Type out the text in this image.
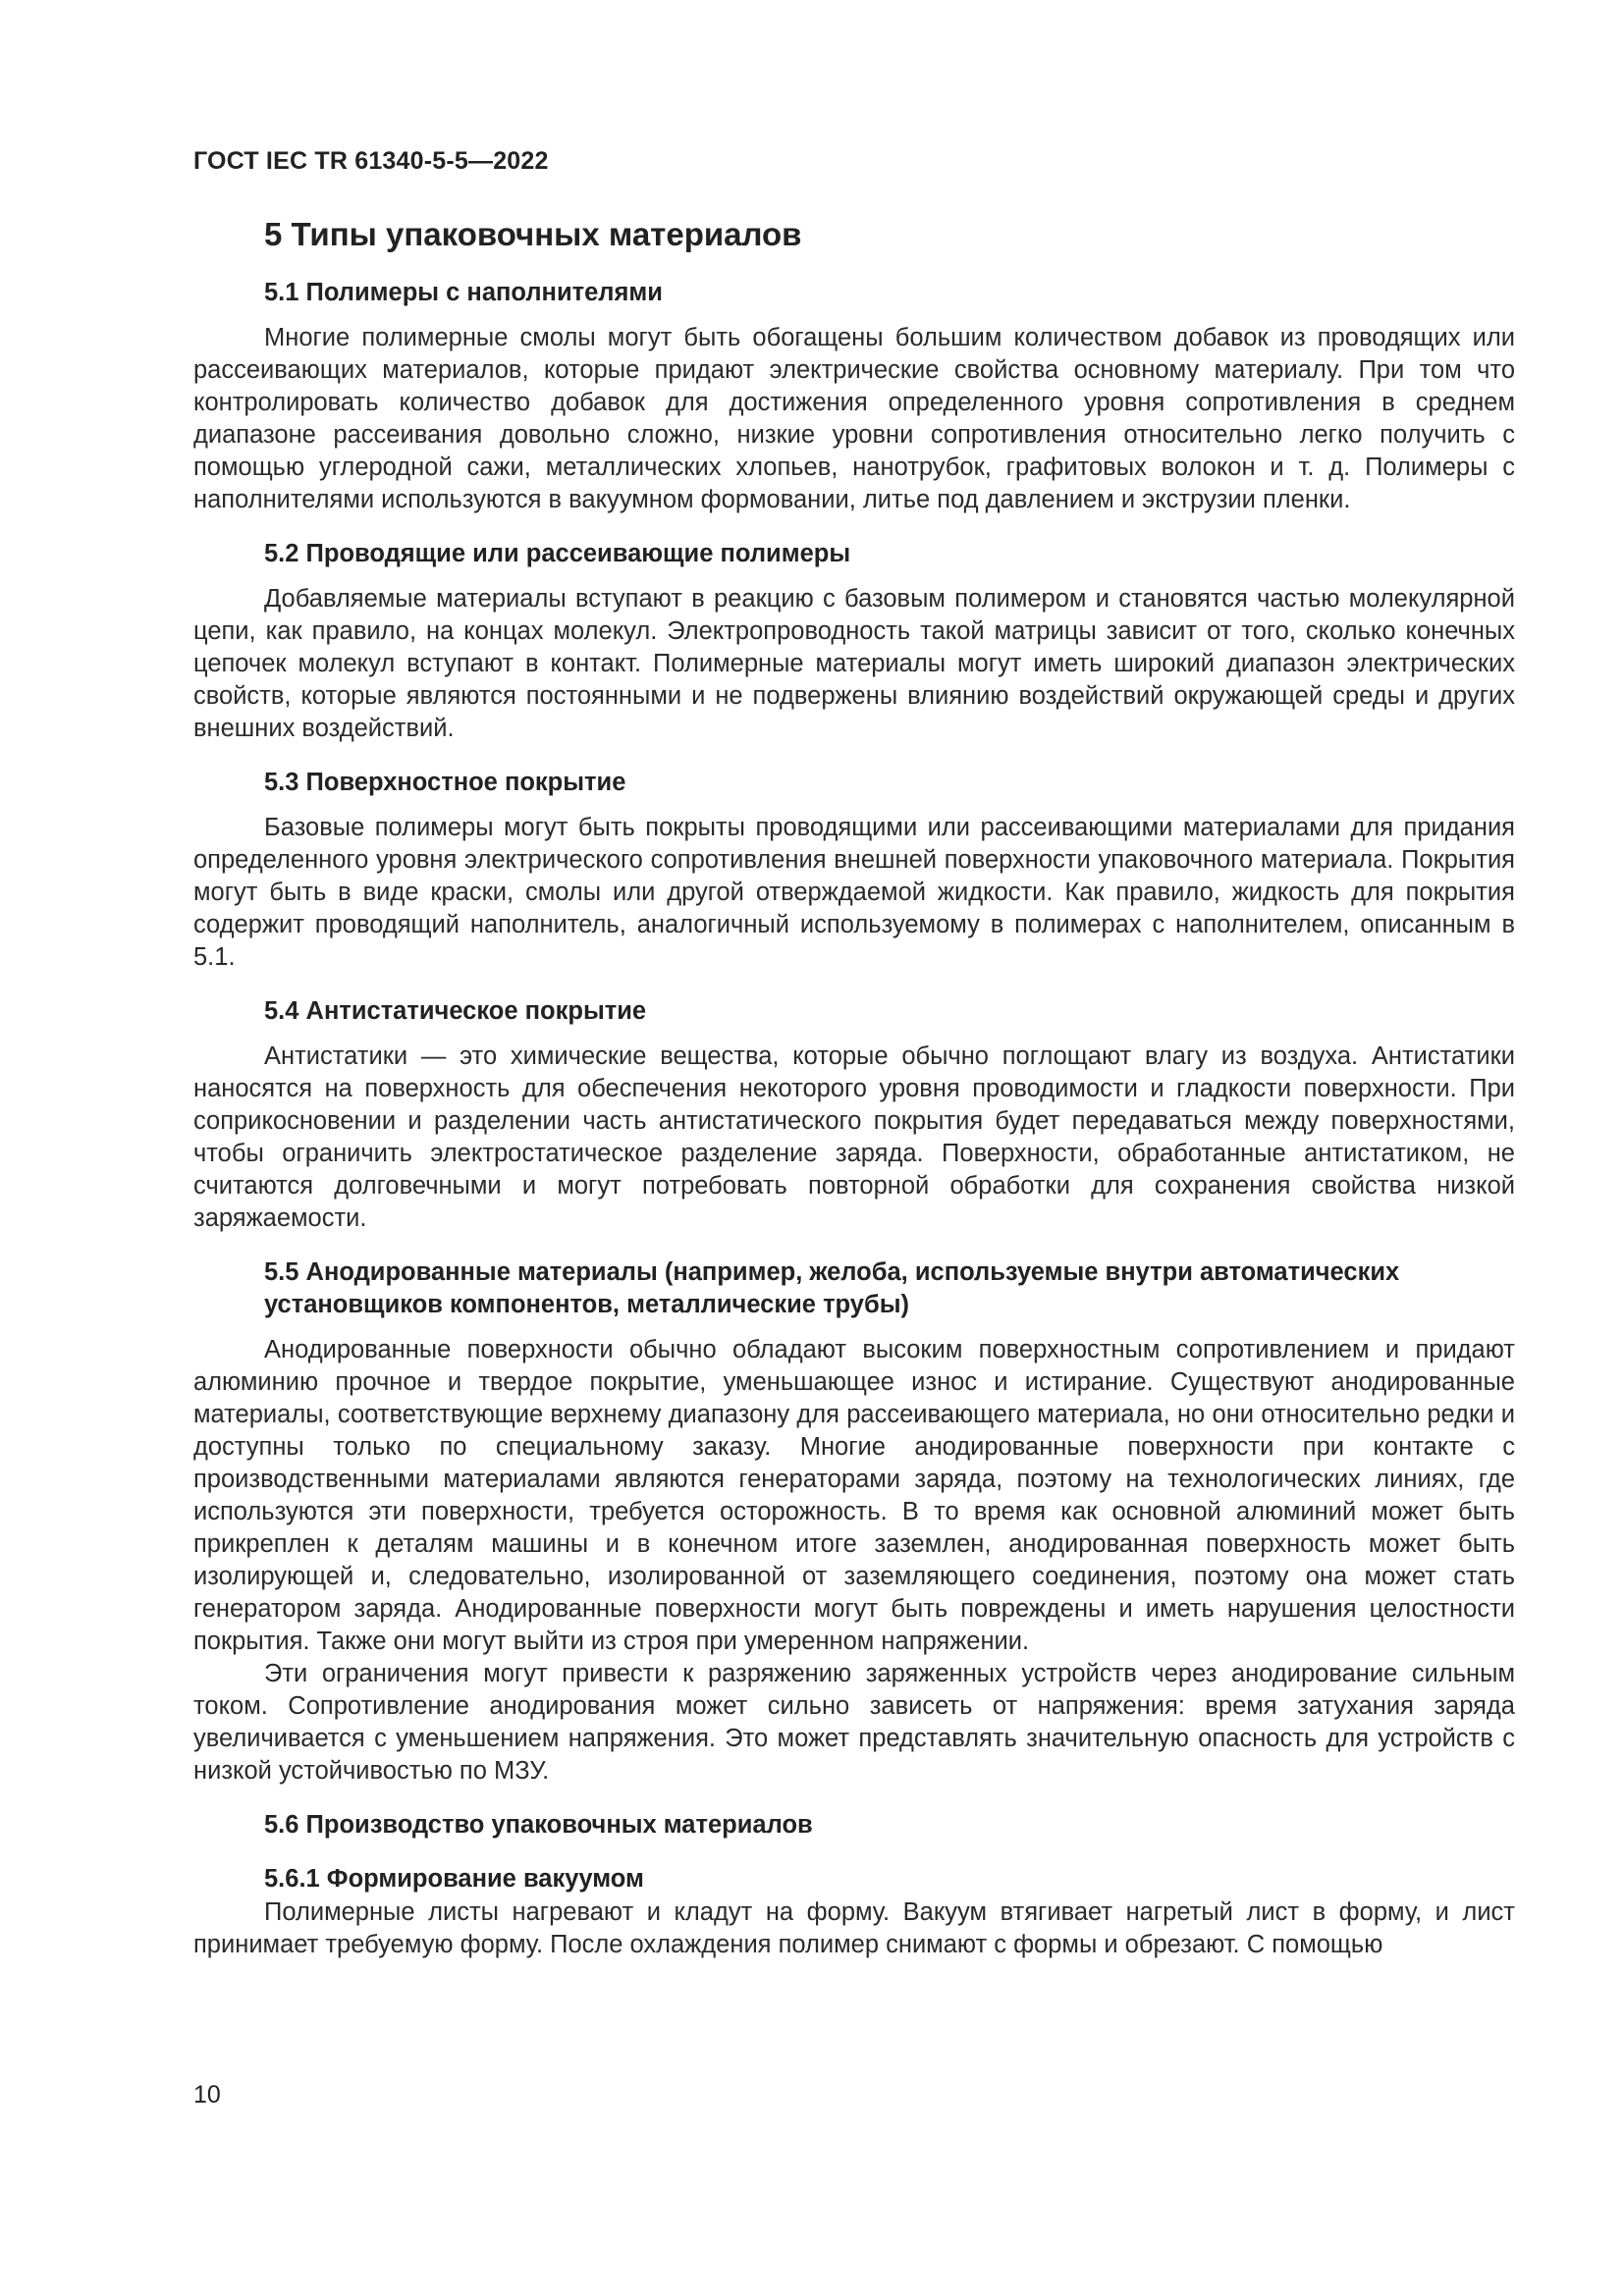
ГОСТ IEC TR 61340-5-5—2022
5 Типы упаковочных материалов
5.1 Полимеры с наполнителями

Многие полимерные смолы могут быть обогащены большим количеством добавок из проводящих или рассеивающих материалов, которые придают электрические свойства основному материалу. При том что контролировать количество добавок для достижения определенного уровня сопротивления в среднем диапазоне рассеивания довольно сложно, низкие уровни сопротивления относительно легко получить с помощью углеродной сажи, металлических хлопьев, нанотрубок, графитовых волокон и т. д. Полимеры с наполнителями используются в вакуумном формовании, литье под давлением и экструзии пленки.

5.2 Проводящие или рассеивающие полимеры

Добавляемые материалы вступают в реакцию с базовым полимером и становятся частью молекулярной цепи, как правило, на концах молекул. Электропроводность такой матрицы зависит от того, сколько конечных цепочек молекул вступают в контакт. Полимерные материалы могут иметь широкий диапазон электрических свойств, которые являются постоянными и не подвержены влиянию воздействий окружающей среды и других внешних воздействий.

5.3 Поверхностное покрытие

Базовые полимеры могут быть покрыты проводящими или рассеивающими материалами для придания определенного уровня электрического сопротивления внешней поверхности упаковочного материала. Покрытия могут быть в виде краски, смолы или другой отверждаемой жидкости. Как правило, жидкость для покрытия содержит проводящий наполнитель, аналогичный используемому в полимерах с наполнителем, описанным в 5.1.

5.4 Антистатическое покрытие

Антистатики — это химические вещества, которые обычно поглощают влагу из воздуха. Антистатики наносятся на поверхность для обеспечения некоторого уровня проводимости и гладкости поверхности. При соприкосновении и разделении часть антистатического покрытия будет передаваться между поверхностями, чтобы ограничить электростатическое разделение заряда. Поверхности, обработанные антистатиком, не считаются долговечными и могут потребовать повторной обработки для сохранения свойства низкой заряжаемости.

5.5 Анодированные материалы (например, желоба, используемые внутри автоматических установщиков компонентов, металлические трубы)

Анодированные поверхности обычно обладают высоким поверхностным сопротивлением и придают алюминию прочное и твердое покрытие, уменьшающее износ и истирание. Существуют анодированные материалы, соответствующие верхнему диапазону для рассеивающего материала, но они относительно редки и доступны только по специальному заказу. Многие анодированные поверхности при контакте с производственными материалами являются генераторами заряда, поэтому на технологических линиях, где используются эти поверхности, требуется осторожность. В то время как основной алюминий может быть прикреплен к деталям машины и в конечном итоге заземлен, анодированная поверхность может быть изолирующей и, следовательно, изолированной от заземляющего соединения, поэтому она может стать генератором заряда. Анодированные поверхности могут быть повреждены и иметь нарушения целостности покрытия. Также они могут выйти из строя при умеренном напряжении.

Эти ограничения могут привести к разряжению заряженных устройств через анодирование сильным током. Сопротивление анодирования может сильно зависеть от напряжения: время затухания заряда увеличивается с уменьшением напряжения. Это может представлять значительную опасность для устройств с низкой устойчивостью по МЗУ.

5.6 Производство упаковочных материалов
5.6.1 Формирование вакуумом

Полимерные листы нагревают и кладут на форму. Вакуум втягивает нагретый лист в форму, и лист принимает требуемую форму. После охлаждения полимер снимают с формы и обрезают. С помощью

10
